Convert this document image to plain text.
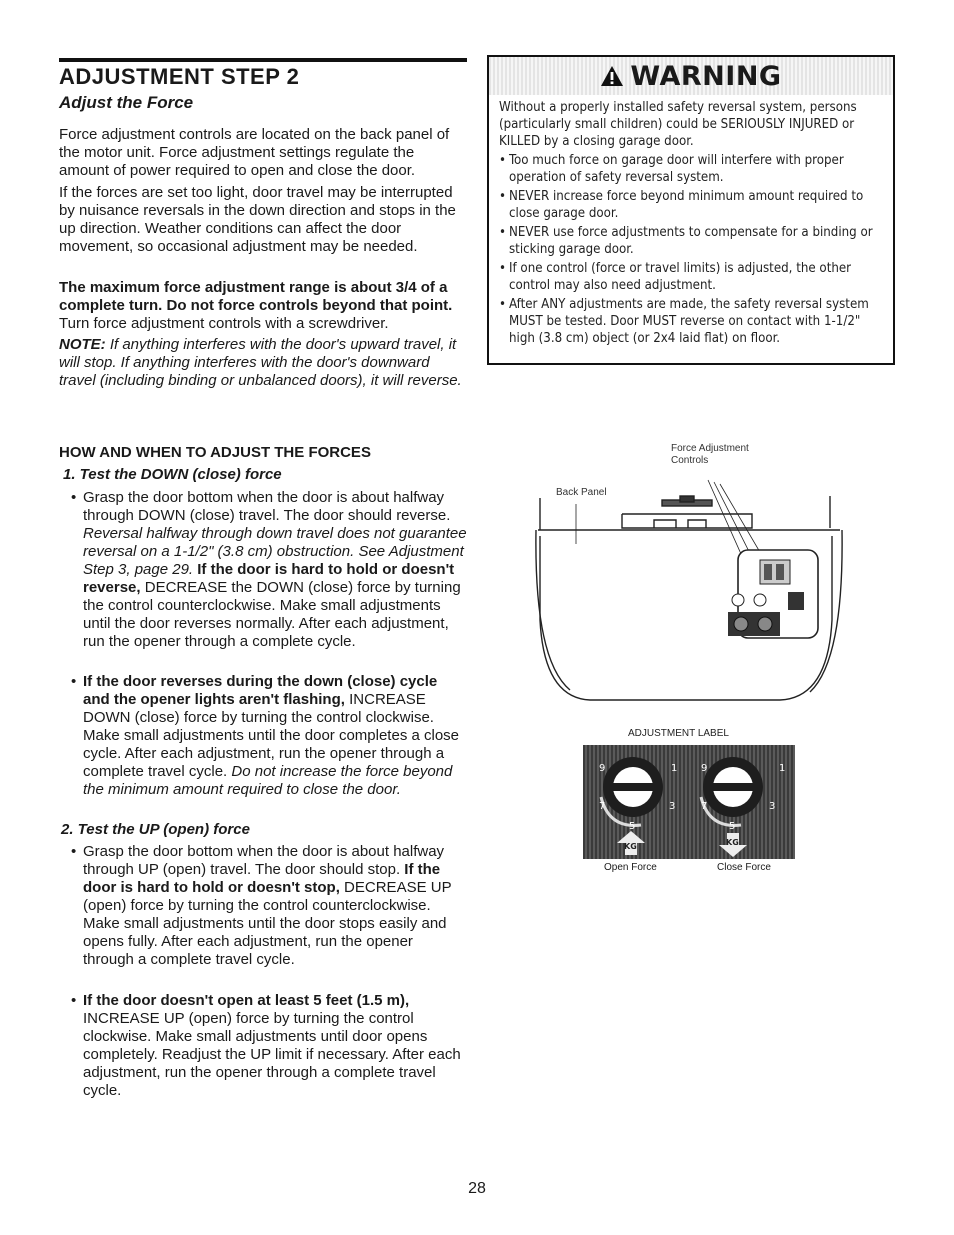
ADJUSTMENT STEP 2
Adjust the Force
Force adjustment controls are located on the back panel of the motor unit. Force adjustment settings regulate the amount of power required to open and close the door.
If the forces are set too light, door travel may be interrupted by nuisance reversals in the down direction and stops in the up direction. Weather conditions can affect the door movement, so occasional adjustment may be needed.
The maximum force adjustment range is about 3/4 of a complete turn. Do not force controls beyond that point. Turn force adjustment controls with a screwdriver.
NOTE: If anything interferes with the door's upward travel, it will stop. If anything interferes with the door's downward travel (including binding or unbalanced doors), it will reverse.
WARNING

Without a properly installed safety reversal system, persons (particularly small children) could be SERIOUSLY INJURED or KILLED by a closing garage door.

• Too much force on garage door will interfere with proper operation of safety reversal system.
• NEVER increase force beyond minimum amount required to close garage door.
• NEVER use force adjustments to compensate for a binding or sticking garage door.
• If one control (force or travel limits) is adjusted, the other control may also need adjustment.
• After ANY adjustments are made, the safety reversal system MUST be tested. Door MUST reverse on contact with 1-1/2" high (3.8 cm) object (or 2x4 laid flat) on floor.
HOW AND WHEN TO ADJUST THE FORCES
1. Test the DOWN (close) force
• Grasp the door bottom when the door is about halfway through DOWN (close) travel. The door should reverse. Reversal halfway through down travel does not guarantee reversal on a 1-1/2" (3.8 cm) obstruction. See Adjustment Step 3, page 29. If the door is hard to hold or doesn't reverse, DECREASE the DOWN (close) force by turning the control counterclockwise. Make small adjustments until the door reverses normally. After each adjustment, run the opener through a complete cycle.
• If the door reverses during the down (close) cycle and the opener lights aren't flashing, INCREASE DOWN (close) force by turning the control clockwise. Make small adjustments until the door completes a close cycle. After each adjustment, run the opener through a complete travel cycle. Do not increase the force beyond the minimum amount required to close the door.
2. Test the UP (open) force
• Grasp the door bottom when the door is about halfway through UP (open) travel. The door should stop. If the door is hard to hold or doesn't stop, DECREASE UP (open) force by turning the control counterclockwise. Make small adjustments until the door stops easily and opens fully. After each adjustment, run the opener through a complete travel cycle.
• If the door doesn't open at least 5 feet (1.5 m), INCREASE UP (open) force by turning the control clockwise. Make small adjustments until door opens completely. Readjust the UP limit if necessary. After each adjustment, run the opener through a complete travel cycle.
Force Adjustment Controls
Back Panel
ADJUSTMENT LABEL
9
7
5
3
1 9
7
5
3
1
KG	KG
Open Force	Close Force
28
